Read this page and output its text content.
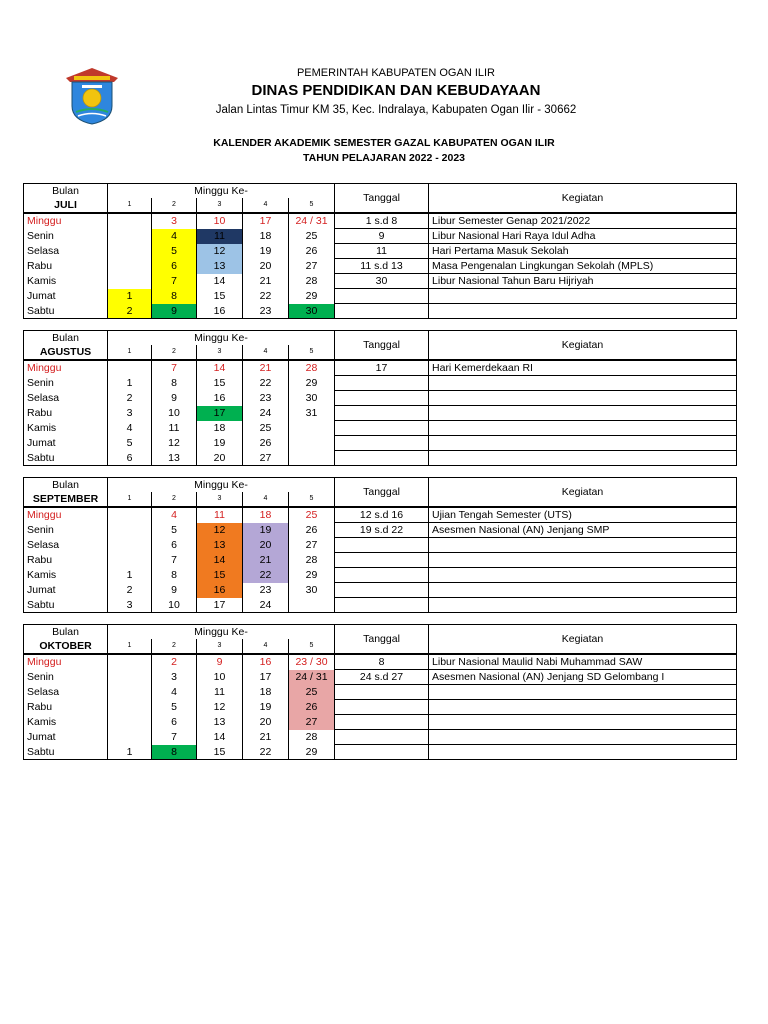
PEMERINTAH KABUPATEN OGAN ILIR
DINAS PENDIDIKAN DAN KEBUDAYAAN
Jalan Lintas Timur KM 35, Kec. Indralaya, Kabupaten Ogan Ilir - 30662
KALENDER AKADEMIK SEMESTER GAZAL KABUPATEN OGAN ILIR
TAHUN PELAJARAN 2022 - 2023
Bulan	Minggu Ke-					Tanggal	Kegiatan
JULI	1	2	3	4	5		
Minggu		3	10	17	24 / 31	1 s.d 8	Libur Semester Genap 2021/2022
Senin		4	11	18	25	9	Libur Nasional Hari Raya Idul Adha
Selasa		5	12	19	26	11	Hari Pertama Masuk Sekolah
Rabu		6	13	20	27	11 s.d 13	Masa Pengenalan Lingkungan Sekolah (MPLS)
Kamis		7	14	21	28	30	Libur Nasional Tahun Baru Hijriyah
Jumat	1	8	15	22	29		
Sabtu	2	9	16	23	30		
Bulan	Minggu Ke-					Tanggal	Kegiatan
AGUSTUS	1	2	3	4	5		
Minggu		7	14	21	28	17	Hari Kemerdekaan RI
Senin	1	8	15	22	29		
Selasa	2	9	16	23	30		
Rabu	3	10	17	24	31		
Kamis	4	11	18	25			
Jumat	5	12	19	26			
Sabtu	6	13	20	27			
Bulan	Minggu Ke-					Tanggal	Kegiatan
SEPTEMBER	1	2	3	4	5		
Minggu		4	11	18	25	12 s.d 16	Ujian Tengah Semester (UTS)
Senin		5	12	19	26	19 s.d 22	Asesmen Nasional (AN) Jenjang SMP
Selasa		6	13	20	27		
Rabu		7	14	21	28		
Kamis	1	8	15	22	29		
Jumat	2	9	16	23	30		
Sabtu	3	10	17	24			
Bulan	Minggu Ke-					Tanggal	Kegiatan
OKTOBER	1	2	3	4	5		
Minggu		2	9	16	23 / 30	8	Libur Nasional Maulid Nabi Muhammad SAW
Senin		3	10	17	24 / 31	24 s.d 27	Asesmen Nasional (AN) Jenjang SD Gelombang I
Selasa		4	11	18	25		
Rabu		5	12	19	26		
Kamis		6	13	20	27		
Jumat		7	14	21	28		
Sabtu	1	8	15	22	29		
